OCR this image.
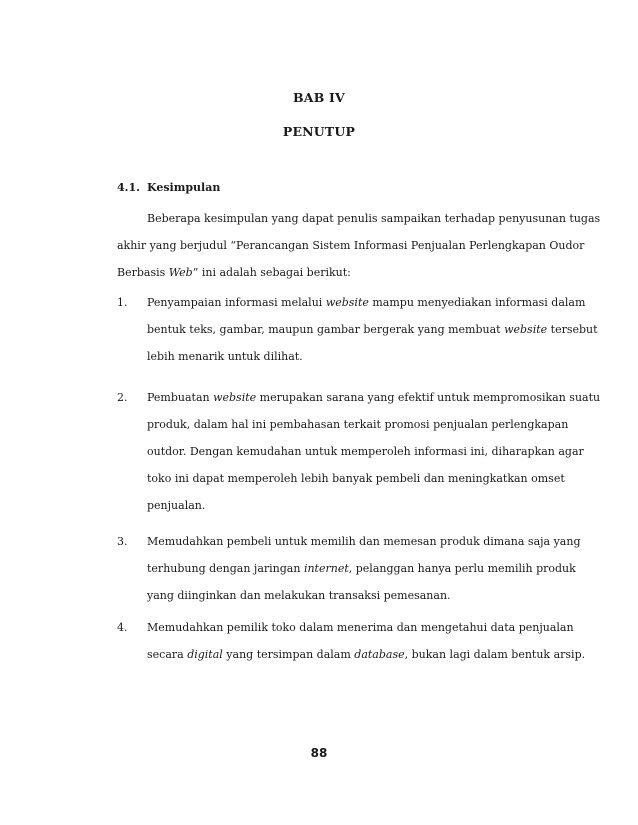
BAB IV
PENUTUP
4.1. Kesimpulan
Beberapa kesimpulan yang dapat penulis sampaikan terhadap penyusunan tugas
akhir yang berjudul “Perancangan Sistem Informasi Penjualan Perlengkapan Oudor
Berbasis Web” ini adalah sebagai berikut:
1. Penyampaian informasi melalui website mampu menyediakan informasi dalam
bentuk teks, gambar, maupun gambar bergerak yang membuat website tersebut
lebih menarik untuk dilihat.
2. Pembuatan website merupakan sarana yang efektif untuk mempromosikan suatu
produk, dalam hal ini pembahasan terkait promosi penjualan perlengkapan
outdor. Dengan kemudahan untuk memperoleh informasi ini, diharapkan agar
toko ini dapat memperoleh lebih banyak pembeli dan meningkatkan omset
penjualan.
3. Memudahkan pembeli untuk memilih dan memesan produk dimana saja yang
terhubung dengan jaringan internet, pelanggan hanya perlu memilih produk
yang diinginkan dan melakukan transaksi pemesanan.
4. Memudahkan pemilik toko dalam menerima dan mengetahui data penjualan
secara digital yang tersimpan dalam database, bukan lagi dalam bentuk arsip.
88
